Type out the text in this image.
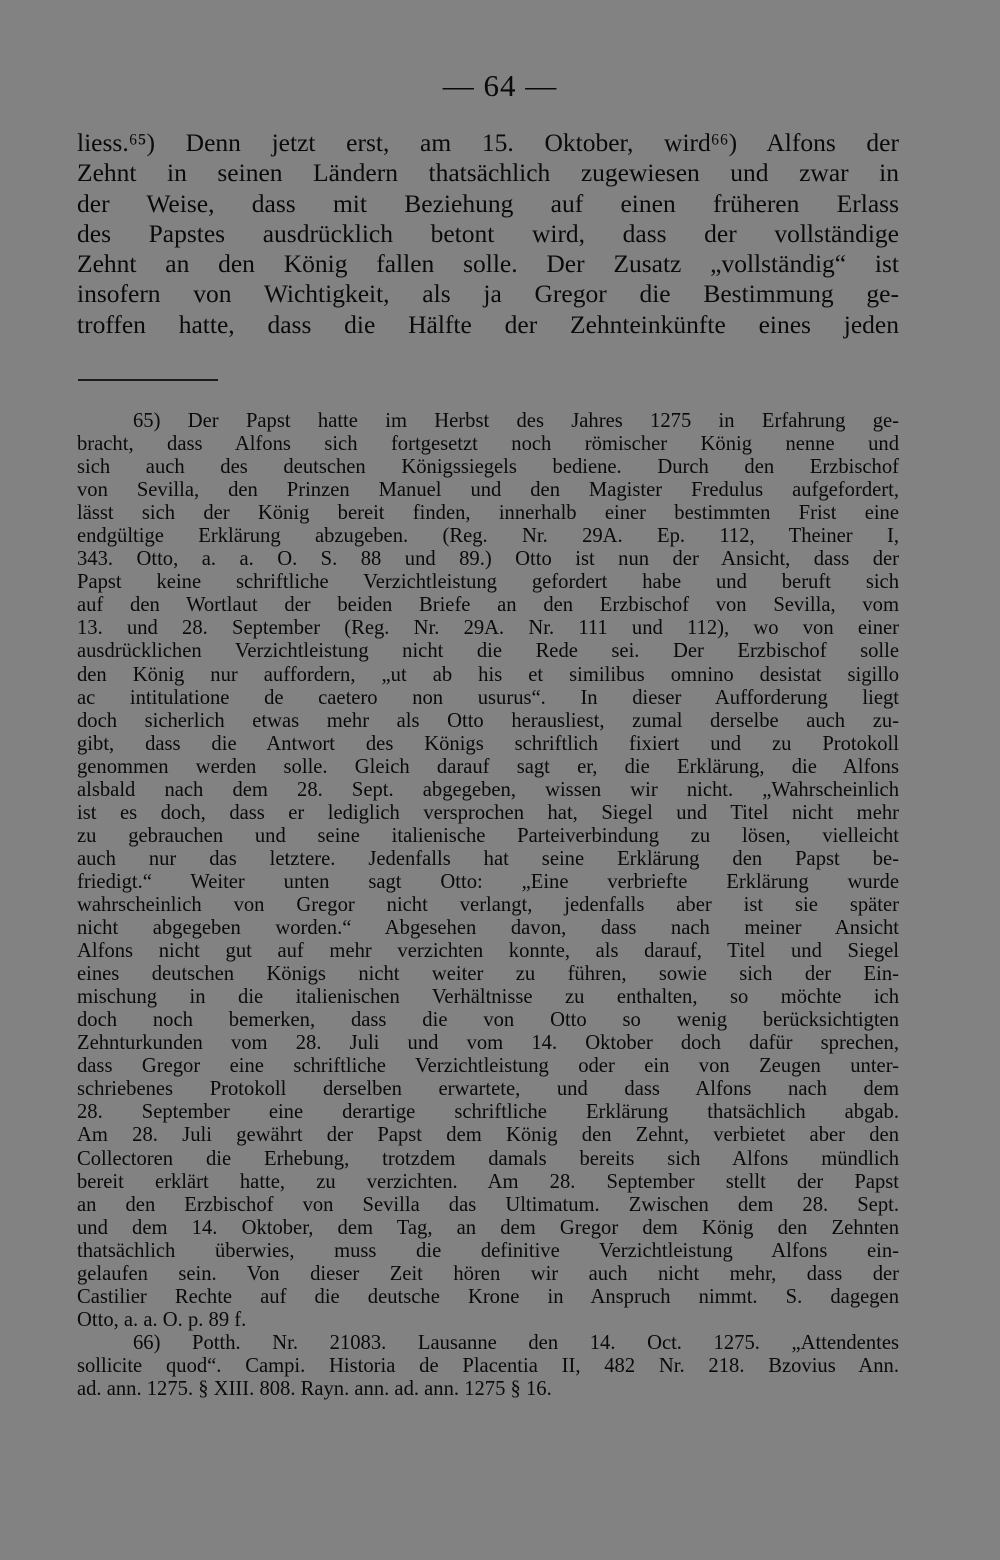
— 64 —
liess.⁶⁵) Denn jetzt erst, am 15. Oktober, wird⁶⁶) Alfons der
Zehnt in seinen Ländern thatsächlich zugewiesen und zwar in
der Weise, dass mit Beziehung auf einen früheren Erlass
des Papstes ausdrücklich betont wird, dass der vollständige
Zehnt an den König fallen solle. Der Zusatz „vollständig“ ist
insofern von Wichtigkeit, als ja Gregor die Bestimmung ge-
troffen hatte, dass die Hälfte der Zehnteinkünfte eines jeden
65) Der Papst hatte im Herbst des Jahres 1275 in Erfahrung ge-
bracht, dass Alfons sich fortgesetzt noch römischer König nenne und
sich auch des deutschen Königssiegels bediene. Durch den Erzbischof
von Sevilla, den Prinzen Manuel und den Magister Fredulus aufgefordert,
lässt sich der König bereit finden, innerhalb einer bestimmten Frist eine
endgültige Erklärung abzugeben. (Reg. Nr. 29A. Ep. 112, Theiner I,
343. Otto, a. a. O. S. 88 und 89.) Otto ist nun der Ansicht, dass der
Papst keine schriftliche Verzichtleistung gefordert habe und beruft sich
auf den Wortlaut der beiden Briefe an den Erzbischof von Sevilla, vom
13. und 28. September (Reg. Nr. 29A. Nr. 111 und 112), wo von einer
ausdrücklichen Verzichtleistung nicht die Rede sei. Der Erzbischof solle
den König nur auffordern, „ut ab his et similibus omnino desistat sigillo
ac intitulatione de caetero non usurus“. In dieser Aufforderung liegt
doch sicherlich etwas mehr als Otto herausliest, zumal derselbe auch zu-
gibt, dass die Antwort des Königs schriftlich fixiert und zu Protokoll
genommen werden solle. Gleich darauf sagt er, die Erklärung, die Alfons
alsbald nach dem 28. Sept. abgegeben, wissen wir nicht. „Wahrscheinlich
ist es doch, dass er lediglich versprochen hat, Siegel und Titel nicht mehr
zu gebrauchen und seine italienische Parteiverbindung zu lösen, vielleicht
auch nur das letztere. Jedenfalls hat seine Erklärung den Papst be-
friedigt.“ Weiter unten sagt Otto: „Eine verbriefte Erklärung wurde
wahrscheinlich von Gregor nicht verlangt, jedenfalls aber ist sie später
nicht abgegeben worden.“ Abgesehen davon, dass nach meiner Ansicht
Alfons nicht gut auf mehr verzichten konnte, als darauf, Titel und Siegel
eines deutschen Königs nicht weiter zu führen, sowie sich der Ein-
mischung in die italienischen Verhältnisse zu enthalten, so möchte ich
doch noch bemerken, dass die von Otto so wenig berücksichtigten
Zehnturkunden vom 28. Juli und vom 14. Oktober doch dafür sprechen,
dass Gregor eine schriftliche Verzichtleistung oder ein von Zeugen unter-
schriebenes Protokoll derselben erwartete, und dass Alfons nach dem
28. September eine derartige schriftliche Erklärung thatsächlich abgab.
Am 28. Juli gewährt der Papst dem König den Zehnt, verbietet aber den
Collectoren die Erhebung, trotzdem damals bereits sich Alfons mündlich
bereit erklärt hatte, zu verzichten. Am 28. September stellt der Papst
an den Erzbischof von Sevilla das Ultimatum. Zwischen dem 28. Sept.
und dem 14. Oktober, dem Tag, an dem Gregor dem König den Zehnten
thatsächlich überwies, muss die definitive Verzichtleistung Alfons ein-
gelaufen sein. Von dieser Zeit hören wir auch nicht mehr, dass der
Castilier Rechte auf die deutsche Krone in Anspruch nimmt. S. dagegen
Otto, a. a. O. p. 89 f.
66) Potth. Nr. 21083. Lausanne den 14. Oct. 1275. „Attendentes
sollicite quod“. Campi. Historia de Placentia II, 482 Nr. 218. Bzovius Ann.
ad. ann. 1275. § XIII. 808. Rayn. ann. ad. ann. 1275 § 16.
